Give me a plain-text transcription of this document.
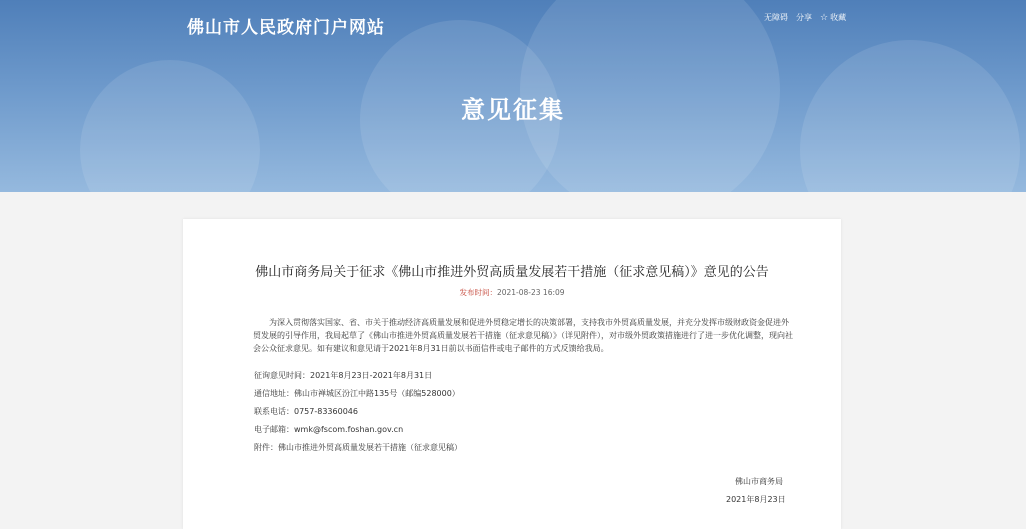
佛山市人民政府门户网站
无障碍 分享 ☆ 收藏
意见征集
佛山市商务局关于征求《佛山市推进外贸高质量发展若干措施（征求意见稿）》意见的公告
发布时间：2021-08-23 16:09
为深入贯彻落实国家、省、市关于推动经济高质量发展和促进外贸稳定增长的决策部署，支持我市外贸高质量发展，并充分发挥市级财政资金促进外贸发展的引导作用，我局起草了《佛山市推进外贸高质量发展若干措施（征求意见稿）》（详见附件），对市级外贸政策措施进行了进一步优化调整，现向社会公众征求意见。如有建议和意见请于2021年8月31日前以书面信件或电子邮件的方式反馈给我局。
征询意见时间：2021年8月23日-2021年8月31日
通信地址：佛山市禅城区汾江中路135号（邮编528000）
联系电话：0757-83360046
电子邮箱：wmk@fscom.foshan.gov.cn
附件：佛山市推进外贸高质量发展若干措施（征求意见稿）
佛山市商务局
2021年8月23日
